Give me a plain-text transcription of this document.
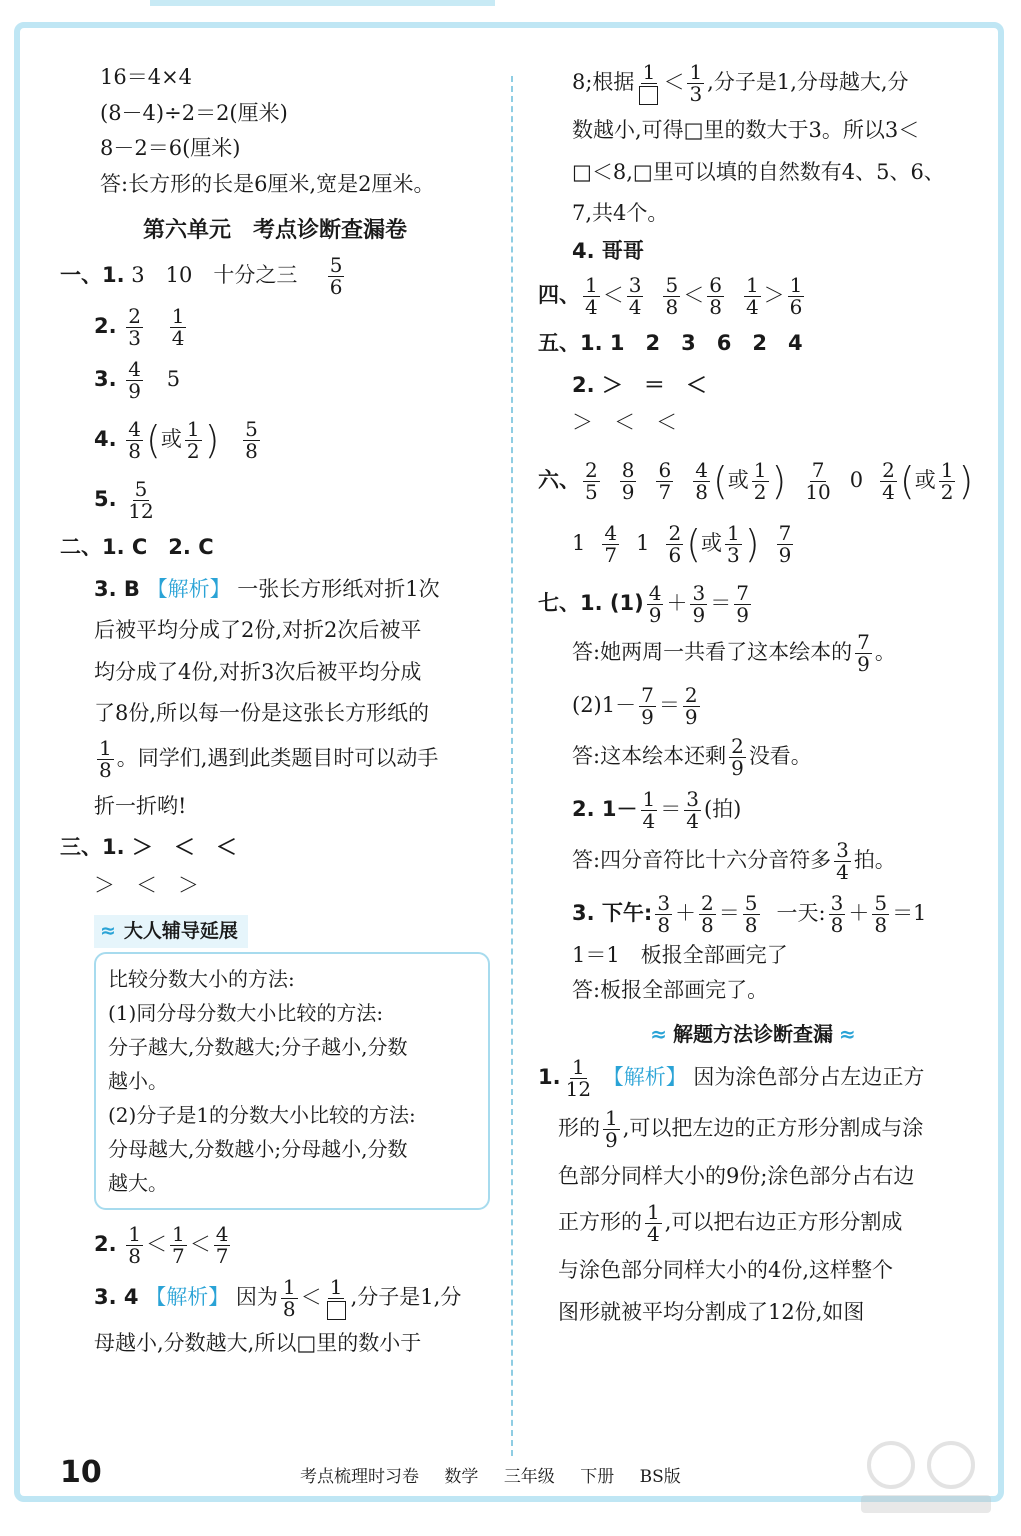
16＝4×4
(8－4)÷2＝2(厘米)
8－2＝6(厘米)
答:长方形的长是6厘米,宽是2厘米。
第六单元　考点诊断查漏卷
一、1. 3　10　十分之三 $\frac{5}{6}$
2. $\frac{2}{3}$
$\frac{1}{4}$
3. $\frac{4}{9} 5$
4. $\frac{4}{8}$ (或 $\frac{1}{2}$ ) $\frac{5}{8}$
5. $\frac{5}{12}$
二、1. C　2. C
3. B 【解析】 一张长方形纸对折1次
后被平均分成了2份,对折2次后被平
均分成了4份,对折3次后被平均分成
了8份,所以每一份是这张长方形纸的
$\frac{1}{8}$ 。同学们,遇到此类题目时可以动手
折一折哟!
三、1. ＞　＜　＜
＞　＜　＞
≈ 大人辅导延展
比较分数大小的方法:
(1)同分母分数大小比较的方法:
分子越大,分数越大;分子越小,分数
越小。
(2)分子是1的分数大小比较的方法:
分母越大,分数越小;分母越小,分数
越大。
2. $\frac{1}{8} < \frac{1}{7} < \frac{4}{7}$
3. 4 【解析】 因为 $\frac{1}{8} < 1$ ,分子是1,分
母越小,分数越大,所以□里的数小于
8;根据 $1 < \frac{1}{3}$ ,分子是1,分母越大,分
数越小,可得□里的数大于3。所以3＜
□＜8,□里可以填的自然数有4、5、6、
7,共4个。
4. 哥哥
四、 $\frac{1}{4} < \frac{3}{4} \frac{5}{8} < \frac{6}{8} \frac{1}{4} > \frac{1}{6}$
五、1. 1　2　3　6　2　4
2. ＞　＝　＜
＞　＜　＜
六、 $\frac{2}{5} \frac{8}{9} \frac{6}{7} \frac{4}{8}$ (或 $\frac{1}{2}$ ) $\frac{7}{10} 0 \frac{2}{4}$ (或 $\frac{1}{2}$ )
$1 \frac{4}{7} 1 \frac{2}{6}$ (或 $\frac{1}{3}$ ) $\frac{7}{9}$
七、1. $(1) \frac{4}{9} + \frac{3}{9} = \frac{7}{9}$
答:她两周一共看了这本绘本的 $\frac{7}{9}$ 。
$(2)1- \frac{7}{9} = \frac{2}{9}$
答:这本绘本还剩 $\frac{2}{9}$ 没看。
2. $1- \frac{1}{4} = \frac{3}{4}$ (拍)
答:四分音符比十六分音符多 $\frac{3}{4}$ 拍。
3. 下午: $\frac{3}{8} + \frac{2}{8} = \frac{5}{8}$ 一天: $\frac{3}{8} + \frac{5}{8} =1$
1＝1　板报全部画完了
答:板报全部画完了。
≈ 解题方法诊断查漏 ≈
1. $\frac{1}{12}$ 【解析】 因为涂色部分占左边正方
形的 $\frac{1}{9}$ ,可以把左边的正方形分割成与涂
色部分同样大小的9份;涂色部分占右边
正方形的 $\frac{1}{4}$ ,可以把右边正方形分割成
与涂色部分同样大小的4份,这样整个
图形就被平均分割成了12份,如图
10	考点梳理时习卷 数学 三年级 下册 BS版
